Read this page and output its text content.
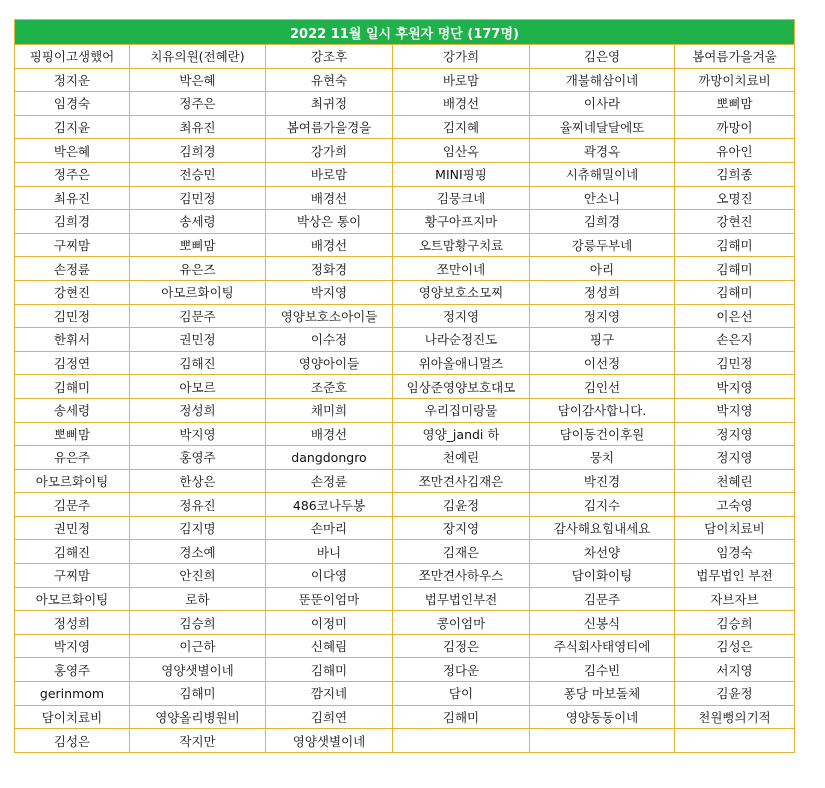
2022 11월 일시 후원자 명단 (177명)					
핑핑이고생했어	치유의원(전혜란)	강조후	강가희	김은영	봄여름가을겨울
정지운	박은혜	유현숙	바로맘	개불해삼이네	까망이치료비
임경숙	정주은	최귀정	배경선	이사라	뽀삐맘
김지윤	최유진	봄여름가을경을	김지혜	율찌네달달에또	까망이
박은혜	김희경	강가희	임산옥	곽경옥	유아인
정주은	전승민	바로맘	MINI핑핑	시츄해밀이네	김희종
최유진	김민정	배경선	김뭉크네	안소니	오명진
김희경	송세령	박상은 통이	황구아프지마	김희경	강현진
구찌맘	뽀삐맘	배경선	오트맘황구치료	강릉두부네	김해미
손정륜	유은즈	정화경	쪼만이네	아리	김해미
강현진	아모르화이팅	박지영	영양보호소모찌	정성희	김해미
김민정	김문주	영양보호소아이들	정지영	정지영	이은선
한휘서	권민정	이수정	나라순정진도	핑구	손은지
김정연	김해진	영양아이들	위아올애니멀즈	이선정	김민정
김해미	아모르	조준호	임상준영양보호대모	김인선	박지영
송세령	정성희	채미희	우리집미랑물	담이감사합니다.	박지영
뽀삐맘	박지영	배경선	영양_jandi 하	담이동건이후원	정지영
유은주	홍영주	dangdongro	천예린	뭉치	정지영
아모르화이팅	한상은	손정륜	쪼만견사김재은	박진경	천혜린
김문주	정유진	486코나두봉	김윤정	김지수	고숙영
권민정	김지명	손마리	장지영	감사해요힘내세요	담이치료비
김해진	경소예	바니	김재은	차선양	임경숙
구찌맘	안진희	이다영	쪼만견사하우스	담이화이팅	법무법인 부전
아모르화이팅	로하	뚠뚠이엄마	법무법인부전	김문주	자브자브
정성희	김승희	이정미	콩이엄마	신봉식	김승희
박지영	이근하	신혜림	김정은	주식회사태영티에	김성은
홍영주	영양샛별이네	김해미	정다운	김수빈	서지영
gerinmom	김해미	깜지네	담이	퐁당 마보돌체	김윤정
담이치료비	영양올리병원비	김희연	김해미	영양동동이네	천원뻥의기적
김성은	작지만	영양샛별이네			
